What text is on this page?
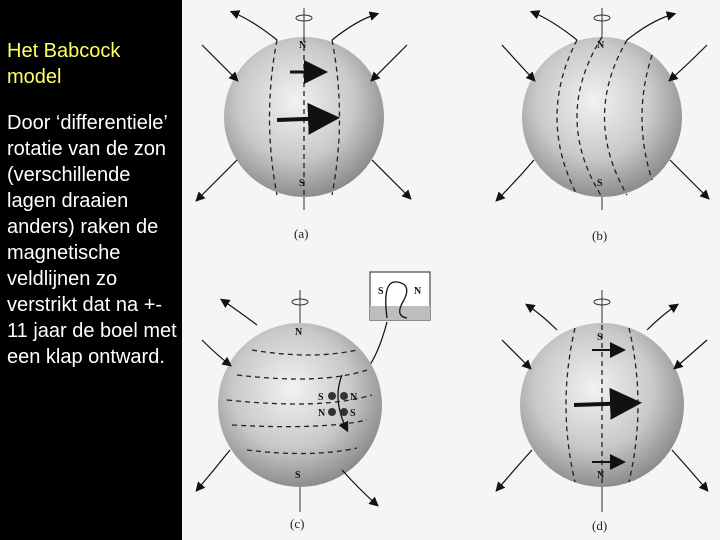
Het Babcock model

Door ‘differentiele’ rotatie van de zon (verschillende lagen draaien anders) raken de magnetische veldlijnen zo verstrikt dat na +- 11 jaar de boel met een klap ontward.

N
S
(a)
N
S
(b)
S	N
S	N
N S
N
S
(c)
S
N
(d)
